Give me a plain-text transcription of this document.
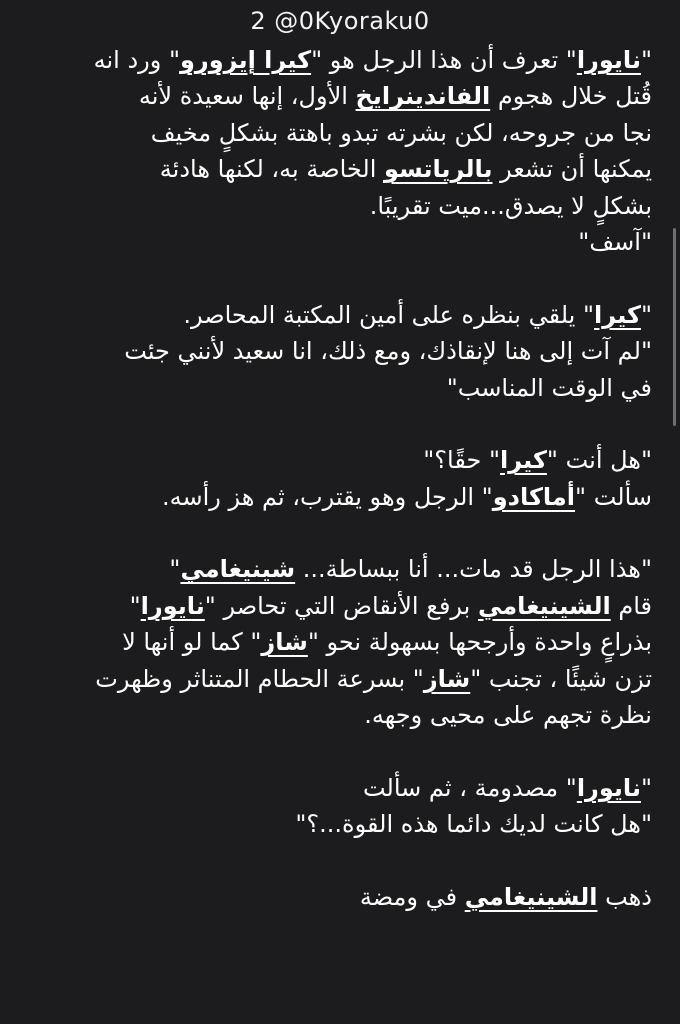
2 @0Kyoraku0
"نايورا" تعرف أن هذا الرجل هو "كيرا إيزورو" ورد انه
قُتل خلال هجوم الفاندينرايخ الأول، إنها سعيدة لأنه
نجا من جروحه، لكن بشرته تبدو باهتة بشكلٍ مخيف
يمكنها أن تشعر بالرياتسو الخاصة به، لكنها هادئة
بشكلٍ لا يصدق...ميت تقريبًا.
"آسف"
"كيرا" يلقي بنظره على أمين المكتبة المحاصر.
"لم آت إلى هنا لإنقاذك، ومع ذلك، انا سعيد لأنني جئت
في الوقت المناسب"
"هل أنت "كيرا" حقًا؟"
سألت "أماكادو" الرجل وهو يقترب، ثم هز رأسه.
"هذا الرجل قد مات... أنا ببساطة... شينيغامي"
قام الشينيغامي برفع الأنقاض التي تحاصر "نايورا"
بذراعٍ واحدة وأرجحها بسهولة نحو "شاز" كما لو أنها لا
تزن شيئًا ، تجنب "شاز" بسرعة الحطام المتناثر وظهرت
نظرة تجهم على محيى وجهه.
"نايورا" مصدومة ، ثم سألت
"هل كانت لديك دائما هذه القوة...؟"
ذهب الشينيغامي في ومضة
